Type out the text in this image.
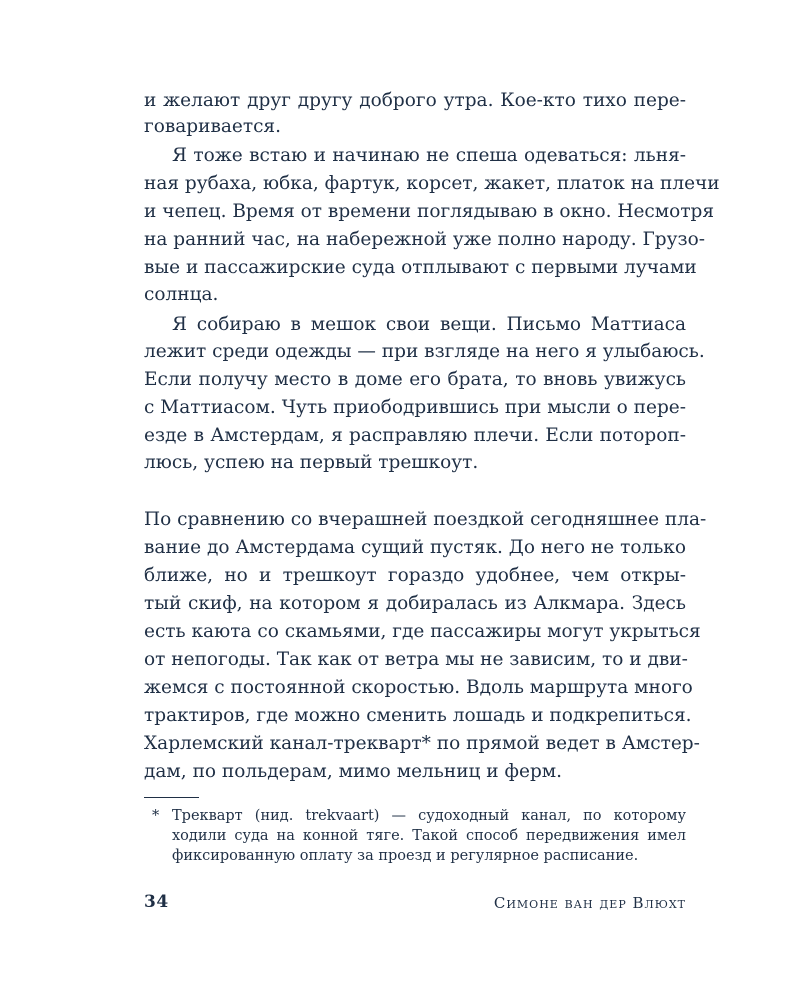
и желают друг другу доброго утра. Кое-кто тихо пере-
говаривается.
Я тоже встаю и начинаю не спеша одеваться: льня-
ная рубаха, юбка, фартук, корсет, жакет, платок на плечи
и чепец. Время от времени поглядываю в окно. Несмотря
на ранний час, на набережной уже полно народу. Грузо-
вые и пассажирские суда отплывают с первыми лучами
солнца.
Я собираю в мешок свои вещи. Письмо Маттиаса
лежит среди одежды — при взгляде на него я улыбаюсь.
Если получу место в доме его брата, то вновь увижусь
с Маттиасом. Чуть приободрившись при мысли о пере-
езде в Амстердам, я расправляю плечи. Если потороп-
люсь, успею на первый трешкоут.
По сравнению со вчерашней поездкой сегодняшнее пла-
вание до Амстердама сущий пустяк. До него не только
ближе, но и трешкоут гораздо удобнее, чем откры-
тый скиф, на котором я добиралась из Алкмара. Здесь
есть каюта со скамьями, где пассажиры могут укрыться
от непогоды. Так как от ветра мы не зависим, то и дви-
жемся с постоянной скоростью. Вдоль маршрута много
трактиров, где можно сменить лошадь и подкрепиться.
Харлемский канал-трекварт* по прямой ведет в Амстер-
дам, по польдерам, мимо мельниц и ферм.
* Трекварт (нид. trekvaart) — судоходный канал, по которому
ходили суда на конной тяге. Такой способ передвижения имел
фиксированную оплату за проезд и регулярное расписание.
34	Симоне ван дер Влюхт
